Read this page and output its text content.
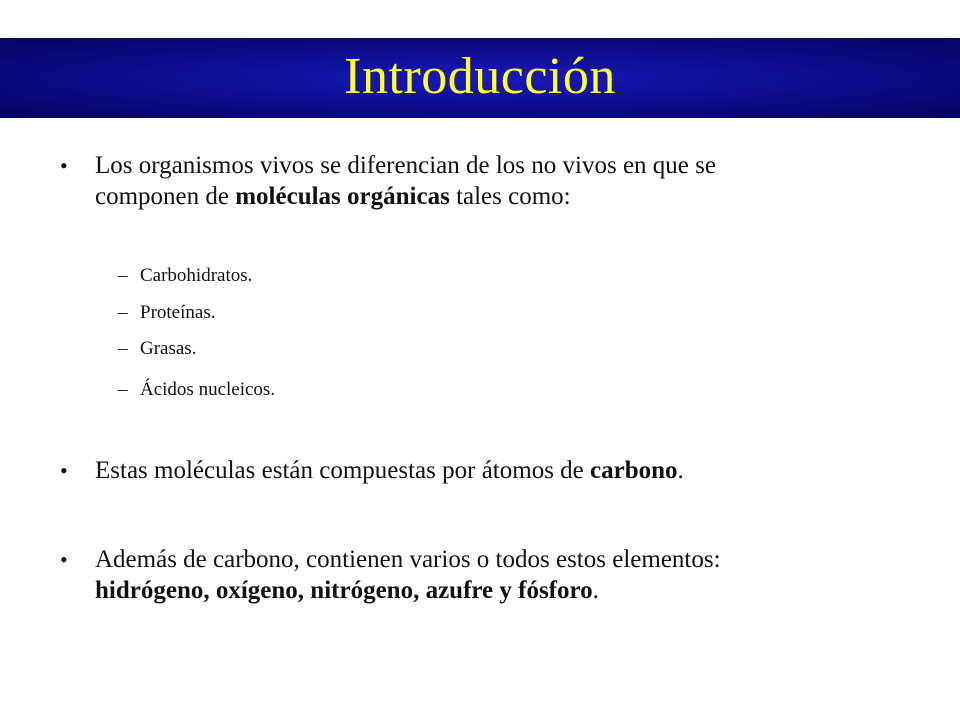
Introducción
• Los organismos vivos se diferencian de los no vivos en que se
componen de moléculas orgánicas tales como:
– Carbohidratos.
– Proteínas.
– Grasas.
– Ácidos nucleicos.
• Estas moléculas están compuestas por átomos de carbono.
• Además de carbono, contienen varios o todos estos elementos:
hidrógeno, oxígeno, nitrógeno, azufre y fósforo.
